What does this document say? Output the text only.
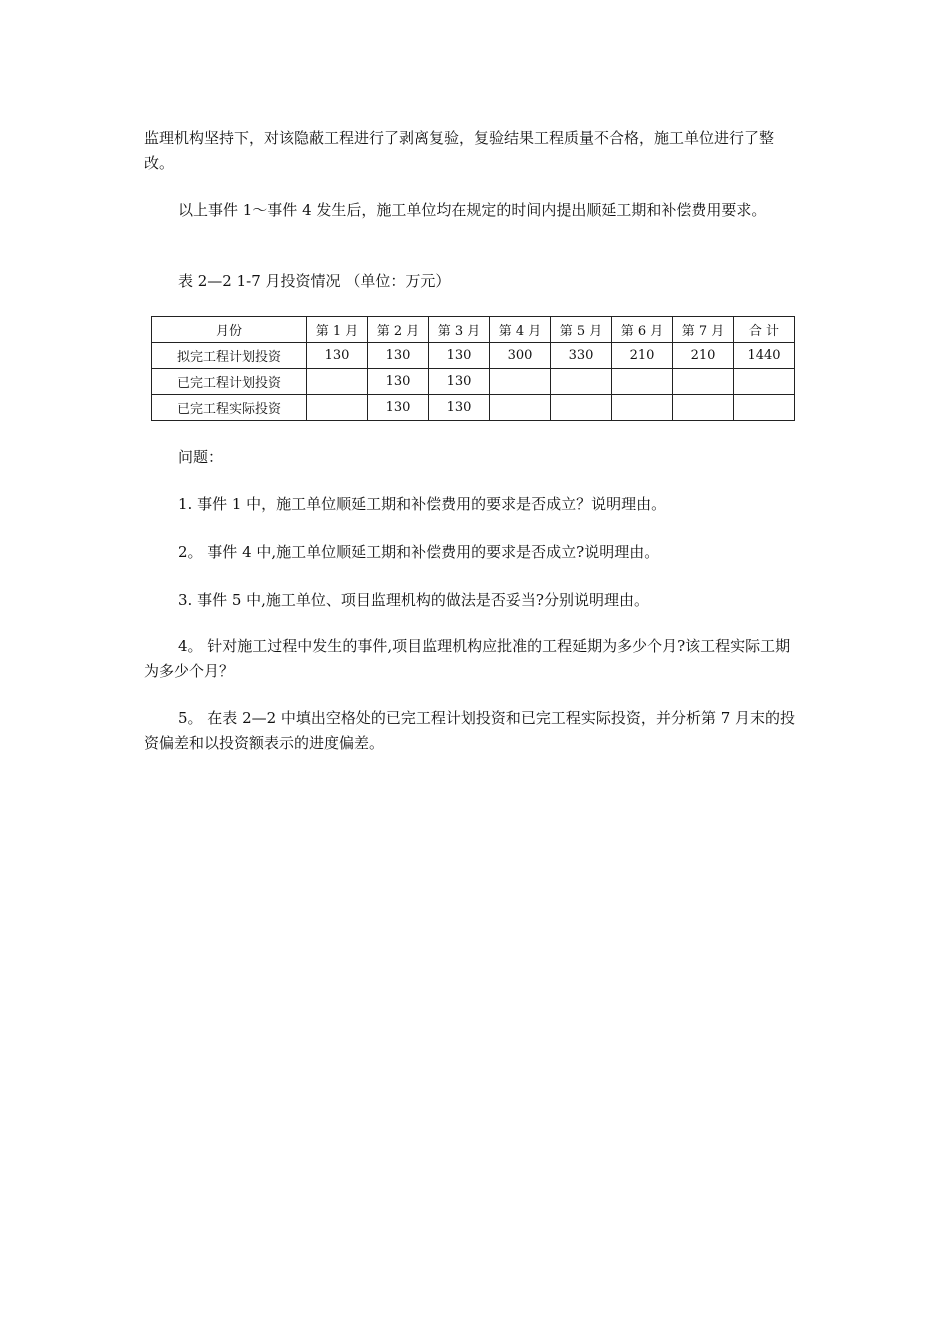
监理机构坚持下，对该隐蔽工程进行了剥离复验，复验结果工程质量不合格，施工单位进行了整改。
以上事件 1～事件 4 发生后，施工单位均在规定的时间内提出顺延工期和补偿费用要求。
表 2—2 1-7 月投资情况 （单位：万元）
月份	第 1 月	第 2 月	第 3 月	第 4 月	第 5 月	第 6 月	第 7 月	合 计
拟完工程计划投资	130	130	130	300	330	210	210	1440
已完工程计划投资		130	130					
已完工程实际投资		130	130					
问题：
1. 事件 1 中，施工单位顺延工期和补偿费用的要求是否成立？说明理由。
2。 事件 4 中,施工单位顺延工期和补偿费用的要求是否成立?说明理由。
3. 事件 5 中,施工单位、项目监理机构的做法是否妥当?分别说明理由。
4。 针对施工过程中发生的事件,项目监理机构应批准的工程延期为多少个月?该工程实际工期为多少个月？
5。 在表 2—2 中填出空格处的已完工程计划投资和已完工程实际投资，并分析第 7 月末的投资偏差和以投资额表示的进度偏差。
